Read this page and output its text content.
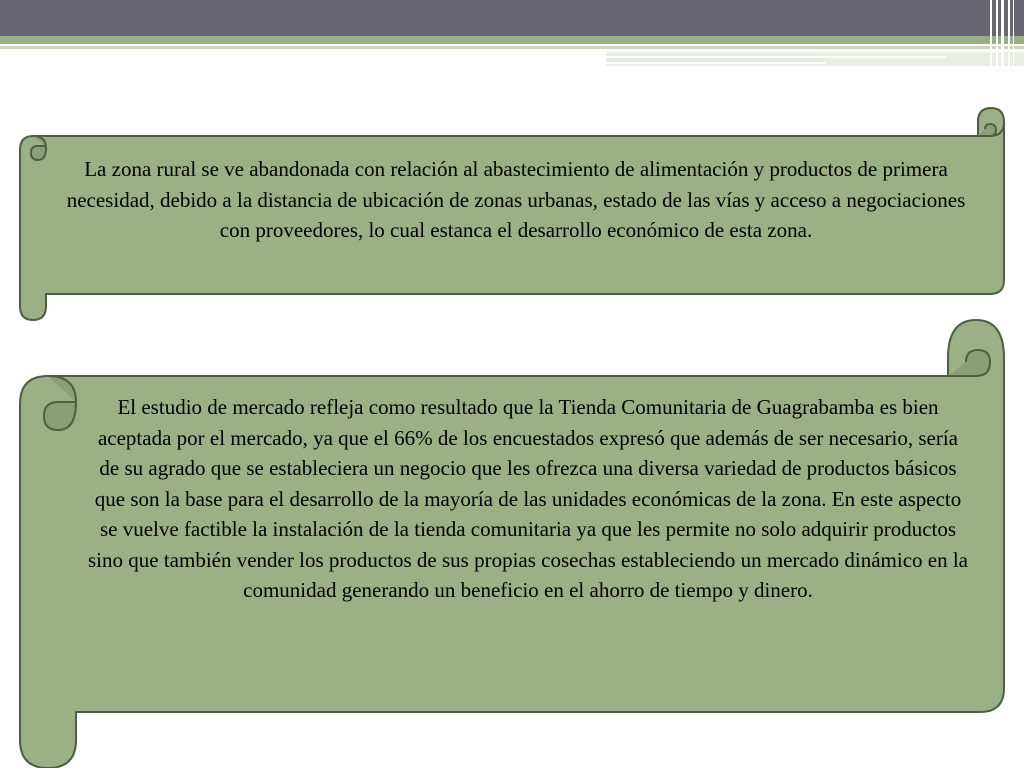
La zona rural se ve abandonada con relación al abastecimiento de alimentación y productos de primera necesidad, debido a la distancia de ubicación de zonas urbanas, estado de las vías y acceso a negociaciones con proveedores, lo cual estanca el desarrollo económico de esta zona.

El estudio de mercado refleja como resultado que la Tienda Comunitaria de Guagrabamba es bien aceptada por el mercado, ya que el 66% de los encuestados expresó que además de ser necesario, sería de su agrado que se estableciera un negocio que les ofrezca una diversa variedad de productos básicos que son la base para el desarrollo de la mayoría de las unidades económicas de la zona. En este aspecto se vuelve factible la instalación de la tienda comunitaria ya que les permite no solo adquirir productos sino que también vender los productos de sus propias cosechas estableciendo un mercado dinámico en la comunidad generando un beneficio en el ahorro de tiempo y dinero.
